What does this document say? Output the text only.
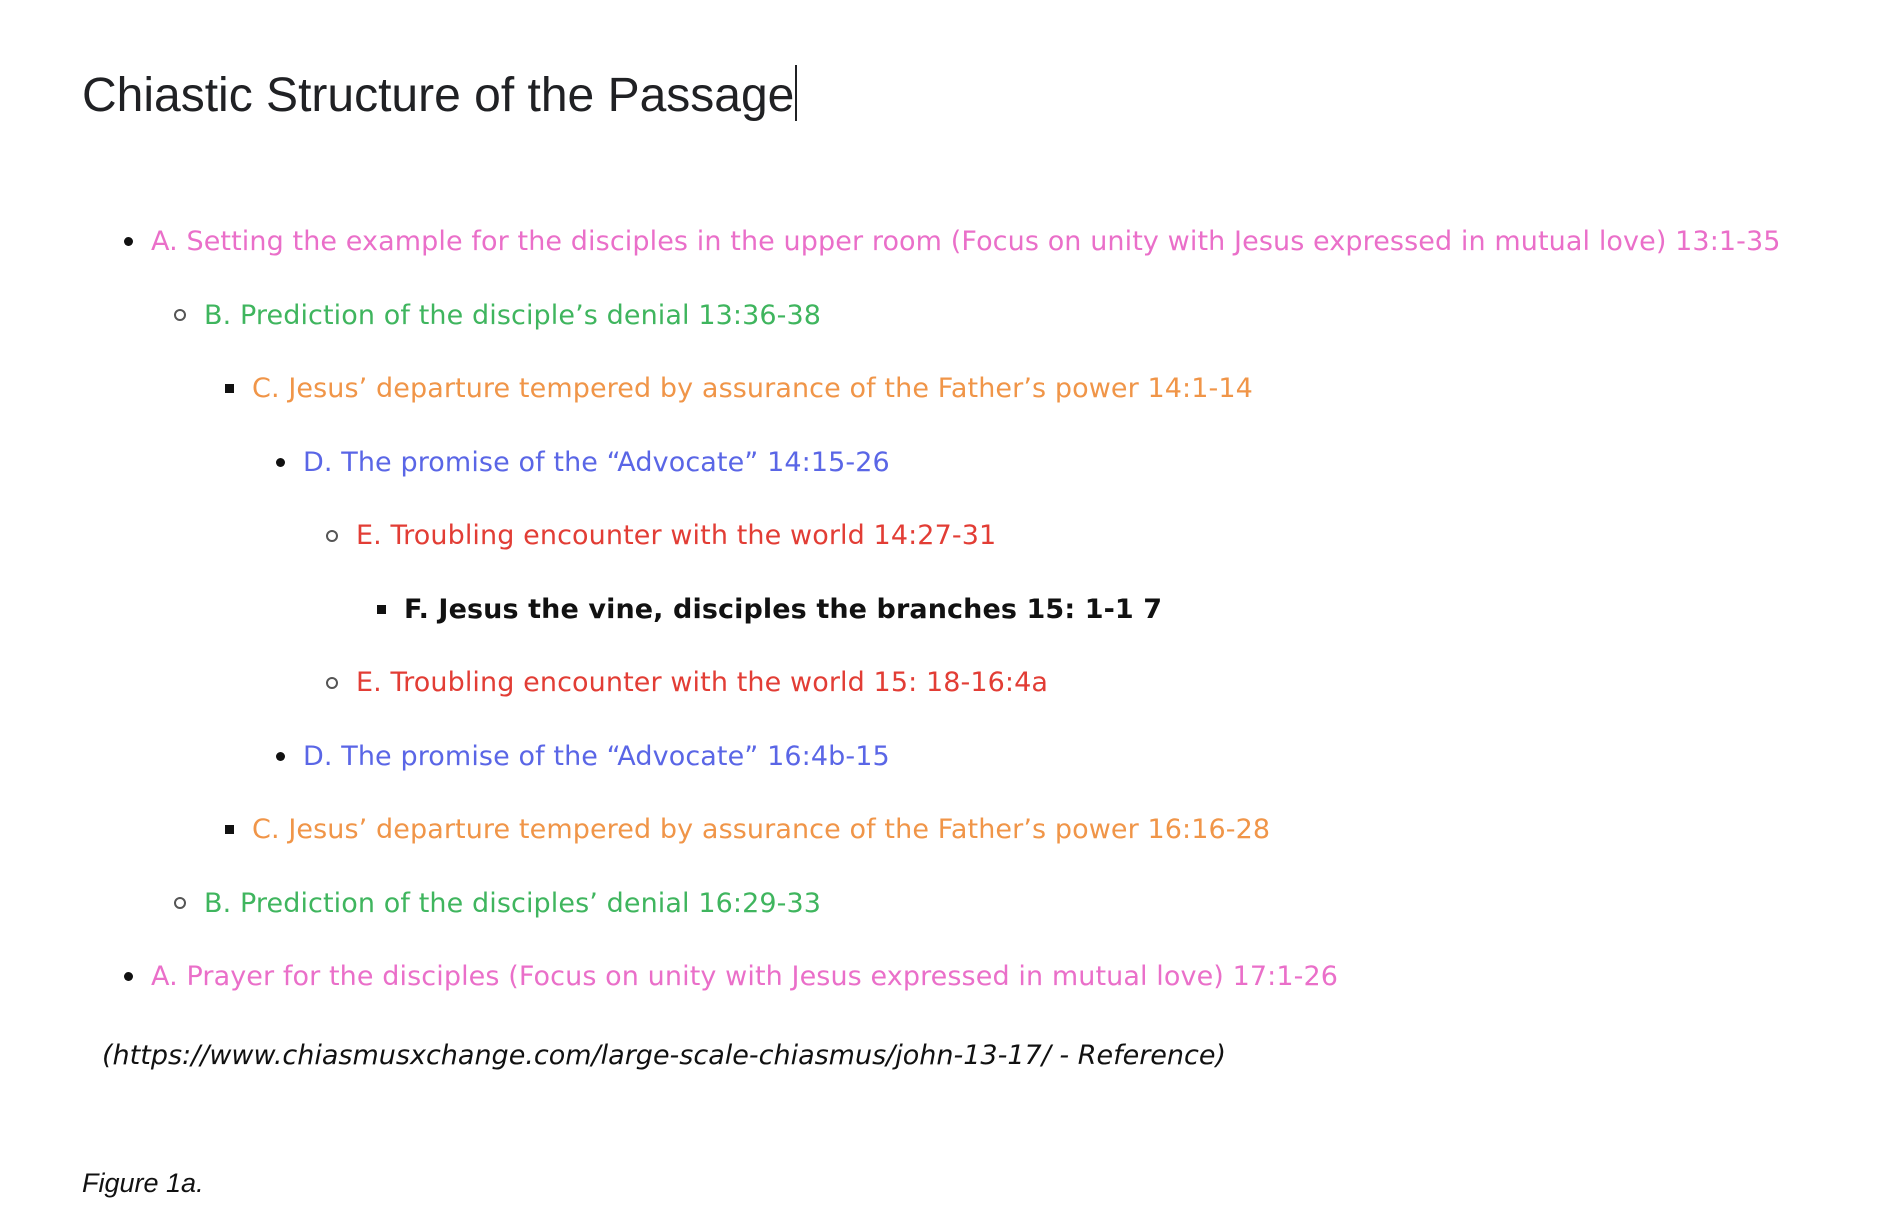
Chiastic Structure of the Passage
A. Setting the example for the disciples in the upper room (Focus on unity with Jesus expressed in mutual love) 13:1-35
B. Prediction of the disciple’s denial 13:36-38
C. Jesus’ departure tempered by assurance of the Father’s power 14:1-14
D. The promise of the “Advocate” 14:15-26
E. Troubling encounter with the world 14:27-31
F. Jesus the vine, disciples the branches 15: 1-1 7
E. Troubling encounter with the world 15: 18-16:4a
D. The promise of the “Advocate” 16:4b-15
C. Jesus’ departure tempered by assurance of the Father’s power 16:16-28
B. Prediction of the disciples’ denial 16:29-33
A. Prayer for the disciples (Focus on unity with Jesus expressed in mutual love) 17:1-26
(https://www.chiasmusxchange.com/large-scale-chiasmus/john-13-17/ - Reference)
Figure 1a.
